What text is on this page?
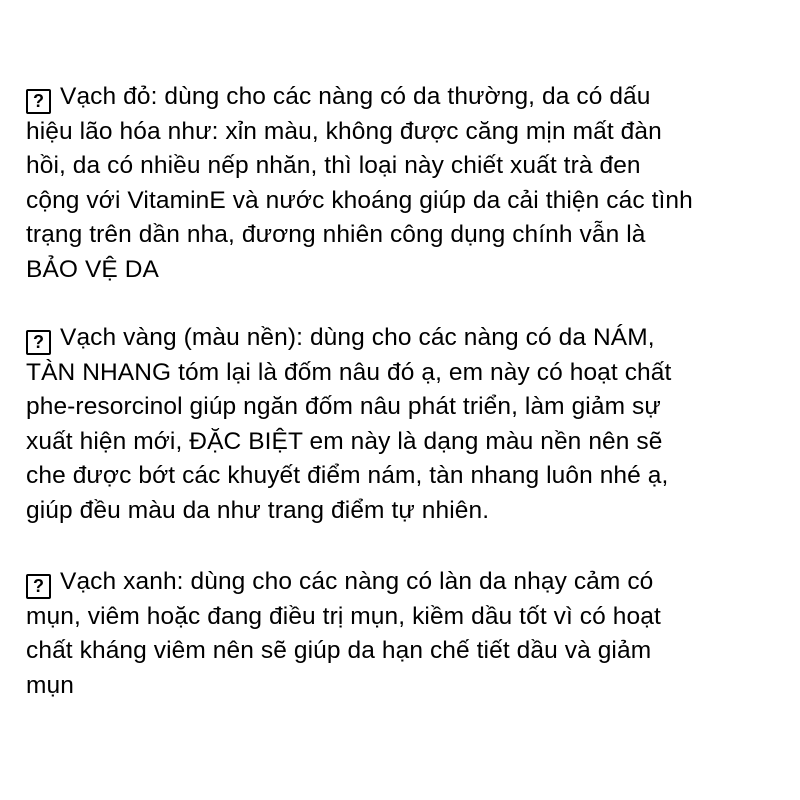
? Vạch đỏ: dùng cho các nàng có da thường, da có dấu
hiệu lão hóa như: xỉn màu, không được căng mịn mất đàn
hồi, da có nhiều nếp nhăn, thì loại này chiết xuất trà đen
cộng với VitaminE và nước khoáng giúp da cải thiện các tình
trạng trên dần nha, đương nhiên công dụng chính vẫn là
BẢO VỆ DA
? Vạch vàng (màu nền): dùng cho các nàng có da NÁM,
TÀN NHANG tóm lại là đốm nâu đó ạ, em này có hoạt chất
phe-resorcinol giúp ngăn đốm nâu phát triển, làm giảm sự
xuất hiện mới, ĐẶC BIỆT em này là dạng màu nền nên sẽ
che được bớt các khuyết điểm nám, tàn nhang luôn nhé ạ,
giúp đều màu da như trang điểm tự nhiên.
? Vạch xanh: dùng cho các nàng có làn da nhạy cảm có
mụn, viêm hoặc đang điều trị mụn, kiềm dầu tốt vì có hoạt
chất kháng viêm nên sẽ giúp da hạn chế tiết dầu và giảm
mụn
